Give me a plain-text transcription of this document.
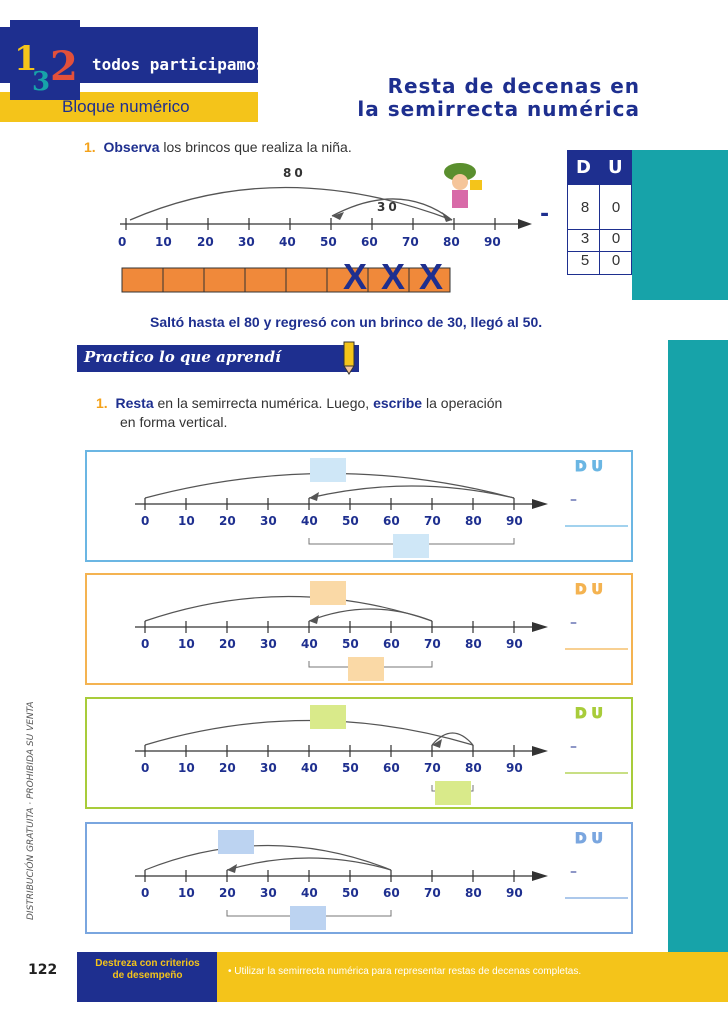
1
3 2 todos participamos
Bloque numérico
Resta de decenas en
la semirrecta numérica
1. Observa los brincos que realiza la niña.
80
30
0 10 20 30 40 50 60 70 80 90
XXX
-
D U
8	0
3	0
5	0
Saltó hasta el 80 y regresó con un brinco de 30, llegó al 50.
Practico lo que aprendí
1. Resta en la semirrecta numérica. Luego, escribe la operación
en forma vertical.
0 10 20 30 40 50 60 70 80 90
D U
–
0 10 20 30 40 50 60 70 80 90
D U
–
0 10 20 30 40 50 60 70 80 90
D U
–
0 10 20 30 40 50 60 70 80 90
D U
–
DISTRIBUCIÓN GRATUITA · PROHIBIDA SU VENTA
122	Destreza con criterios
de desempeño	• Utilizar la semirrecta numérica para representar restas de decenas completas.
